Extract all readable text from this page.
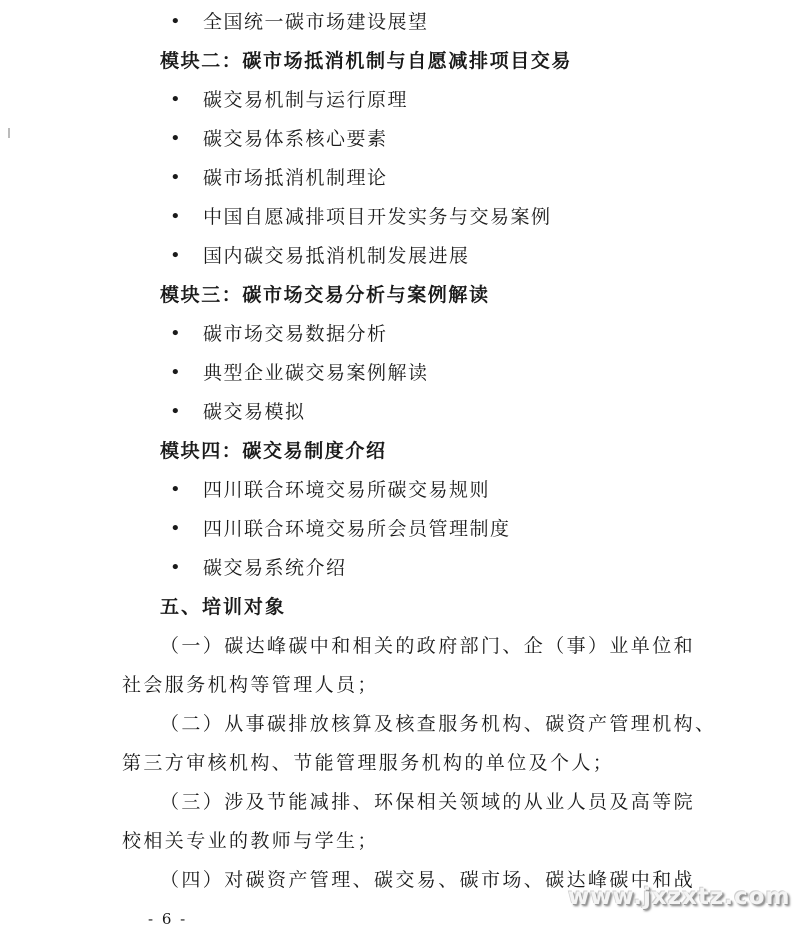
• 全国统一碳市场建设展望
模块二：碳市场抵消机制与自愿减排项目交易
• 碳交易机制与运行原理
• 碳交易体系核心要素
• 碳市场抵消机制理论
• 中国自愿减排项目开发实务与交易案例
• 国内碳交易抵消机制发展进展
模块三：碳市场交易分析与案例解读
• 碳市场交易数据分析
• 典型企业碳交易案例解读
• 碳交易模拟
模块四：碳交易制度介绍
• 四川联合环境交易所碳交易规则
• 四川联合环境交易所会员管理制度
• 碳交易系统介绍
五、培训对象
（一）碳达峰碳中和相关的政府部门、企（事）业单位和
社会服务机构等管理人员；
（二）从事碳排放核算及核查服务机构、碳资产管理机构、
第三方审核机构、节能管理服务机构的单位及个人；
（三）涉及节能减排、环保相关领域的从业人员及高等院
校相关专业的教师与学生；
（四）对碳资产管理、碳交易、碳市场、碳达峰碳中和战
- 6 -
www.jxzxtz.com
